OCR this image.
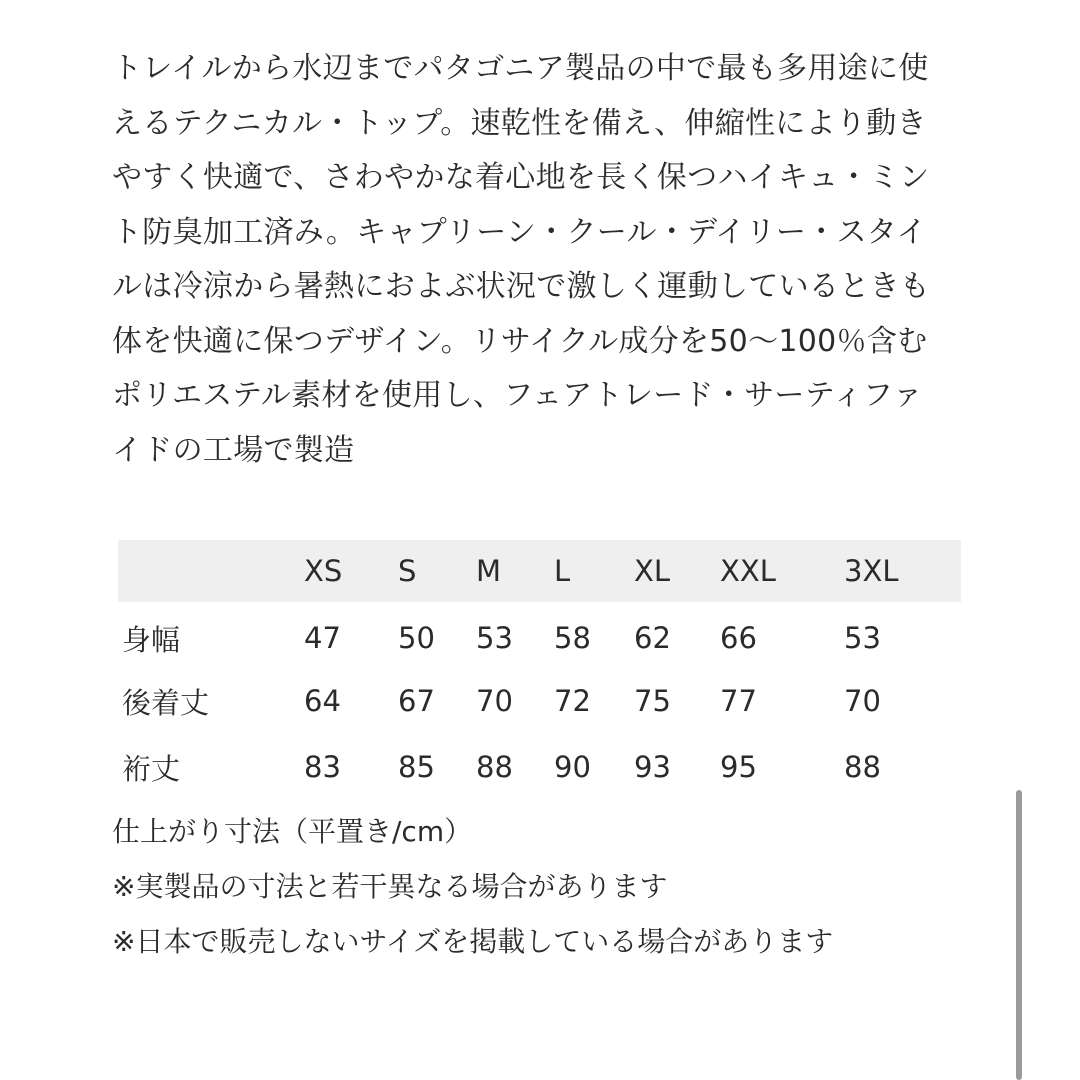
トレイルから水辺までパタゴニア製品の中で最も多用途に使
えるテクニカル・トップ。速乾性を備え、伸縮性により動き
やすく快適で、さわやかな着心地を長く保つハイキュ・ミン
ト防臭加工済み。キャプリーン・クール・デイリー・スタイ
ルは冷涼から暑熱におよぶ状況で激しく運動しているときも
体を快適に保つデザイン。リサイクル成分を50〜100％含む
ポリエステル素材を使用し、フェアトレード・サーティファ
イドの工場で製造

	XS	S	M	L	XL	XXL	3XL
身幅	47	50	53	58	62	66	53
後着丈	64	67	70	72	75	77	70
裄丈	83	85	88	90	93	95	88

仕上がり寸法（平置き/cm）
※実製品の寸法と若干異なる場合があります
※日本で販売しないサイズを掲載している場合があります
